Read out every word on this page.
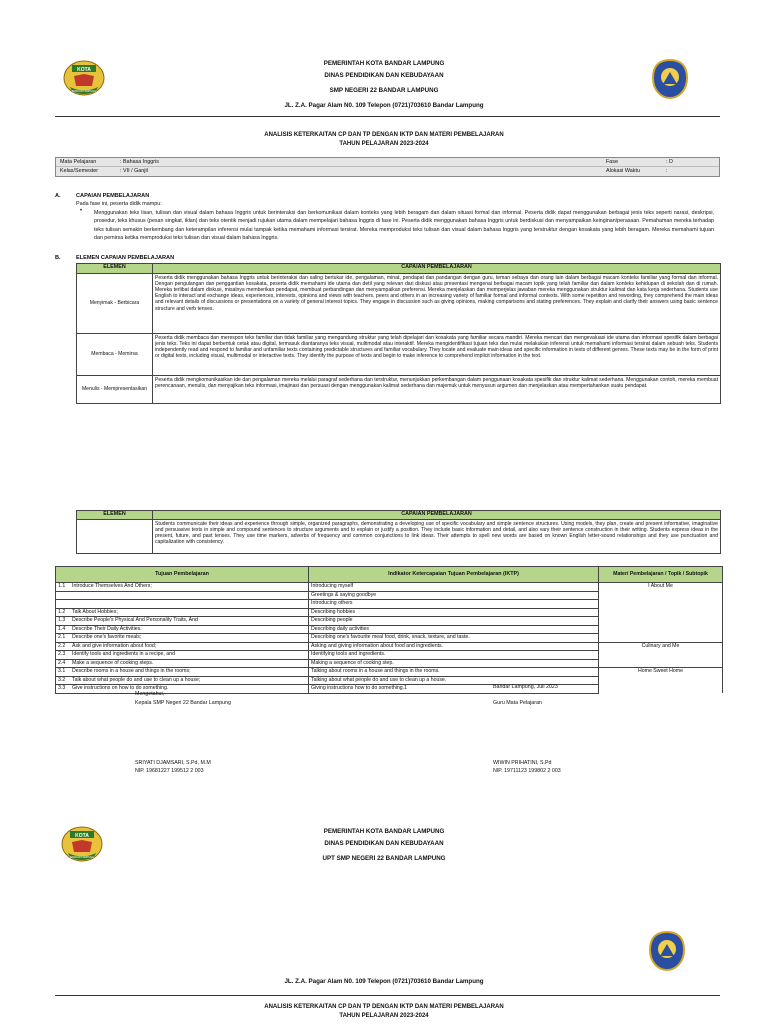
KOTA
BANDAR LAMPUNG
PEMERINTAH KOTA BANDAR LAMPUNG
DINAS PENDIDIKAN DAN KEBUDAYAAN
SMP NEGERI 22 BANDAR LAMPUNG
JL. Z.A. Pagar Alam N0. 109 Telepon (0721)703610 Bandar Lampung
ANALISIS KETERKAITAN CP DAN TP DENGAN IKTP DAN MATERI PEMBELAJARAN
TAHUN PELAJARAN 2023-2024
Mata Pelajaran	: Bahasa Inggris	Fase	: D
Kelas/Semester	: VII / Ganjil	Alokasi Waktu	:
A.	CAPAIAN PEMBELAJARAN
Pada fase ini, peserta didik mampu:
• Menggunakan teks lisan, tulisan dan visual dalam bahasa Inggris untuk berinteraksi dan berkomunikasi dalam konteks yang lebih beragam dan dalam situasi formal dan informal. Peserta didik dapat menggunakan berbagai jenis teks seperti narasi, deskripsi, prosedur, teks khusus (pesan singkat, iklan) dan teks otentik menjadi rujukan utama dalam mempelajari bahasa Inggris di fase ini. Peserta didik menggunakan bahasa Inggris untuk berdiskusi dan menyampaikan keinginan/perasaan. Pemahaman mereka terhadap teks tulisan semakin berkembang dan keterampilan inferensi mulai tampak ketika memahami informasi tersirat. Mereka memproduksi teks tulisan dan visual dalam bahasa Inggris yang terstruktur dengan kosakata yang lebih beragam. Mereka memahami tujuan dan pemirsa ketika memproduksi teks tulisan dan visual dalam bahasa Inggris.
B.	ELEMEN CAPAIAN PEMBELAJARAN
ELEMEN	CAPAIAN PEMBELAJARAN
Menyimak - Berbicara	Peserta didik menggunakan bahasa Inggris untuk berinteraksi dan saling bertukar ide, pengalaman, minat, pendapat dan pandangan dengan guru, teman sebaya dan orang lain dalam berbagai macam konteks familiar yang formal dan informal. Dengan pengulangan dan penggantian kosakata, peserta didik memahami ide utama dan detil yang relevan dari diskusi atau presentasi mengenai berbagai macam topik yang telah familiar dan dalam konteks kehidupan di sekolah dan di rumah. Mereka terlibat dalam diskusi, misalnya memberikan pendapat, membuat perbandingan dan menyampaikan preferensi. Mereka menjelaskan dan memperjelas jawaban mereka menggunakan struktur kalimat dan kata kerja sederhana. Students use English to interact and exchange ideas, experiences, interests, opinions and views with teachers, peers and others in an increasing variety of familiar formal and informal contexts. With some repetition and rewording, they comprehend the main ideas and relevant details of discussions or presentations on a variety of general interest topics. They engage in discussion such as giving opinions, making comparisons and stating preferences. They explain and clarify their answers using basic sentence structure and verb tenses.
Membaca - Memirsa	Peserta didik membaca dan merespon teks familiar dan tidak familiar yang mengandung struktur yang telah dipelajari dan kosakata yang familiar secara mandiri. Mereka mencari dan mengevaluasi ide utama dan informasi spesifik dalam berbagai jenis teks. Teks ini dapat berbentuk cetak atau digital, termasuk diantaranya teks visual, multimodal atau interaktif. Mereka mengidentifikasi tujuan teks dan mulai melakukan inferensi untuk memahami informasi tersirat dalam sebuah teks. Students independently read and respond to familiar and unfamiliar texts containing predictable structures and familiar vocabulary. They locate and evaluate main ideas and specific information in texts of different genres. These texts may be in the form of print or digital texts, including visual, multimodal or interactive texts. They identify the purpose of texts and begin to make inference to comprehend implicit information in the text.
Menulis - Mempresentasikan	Peserta didik mengkomunikasikan ide dan pengalaman mereka melalui paragraf sederhana dan terstruktur, menunjukkan perkembangan dalam penggunaan kosakata spesifik dan struktur kalimat sederhana. Menggunakan contoh, mereka membuat perencanaan, menulis, dan menyajikan teks informasi, imajinasi dan persuasi dengan menggunakan kalimat sederhana dan majemuk untuk menyusun argumen dan menjelaskan atau mempertahankan suatu pendapat.
ELEMEN	CAPAIAN PEMBELAJARAN
	Students communicate their ideas and experience through simple, organized paragraphs, demonstrating a developing use of specific vocabulary and simple sentence structures. Using models, they plan, create and present informative, imaginative and persuasive texts in simple and compound sentences to structure arguments and to explain or justify a position. They include basic information and detail, and also vary their sentence construction in their writing. Students express ideas in the present, future, and past tenses. They use time markers, adverbs of frequency and common conjunctions to link ideas. Their attempts to spell new words are based on known English letter-sound relationships and they use punctuation and capitalization with consistency.
Tujuan Pembelajaran	Indikator Ketercapaian Tujuan Pembelajaran (IKTP)	Materi Pembelajaran / Topik / Subtopik
1.1 Introduce Themselves And Others;	Introducing myself	I About Me
	Greetings & saying goodbye	
	Introducing others	
1.2 Talk About Hobbies;	Describing hobbies	
1.3 Describe People's Physical And Personality Traits, And	Describing people	
1.4 Describe Their Daily Activities.	Describing daily activities	
2.1 Describe one's favorite meals;	Describing one's favourite meal food, drink, snack, texture, and taste.	
2.2 Ask and give information about food;	Asking and giving information about food and ingredients.	Culinary and Me
2.3 Identify tools and ingredients in a recipe, and	Identifying tools and ingredients.	
2.4 Make a sequence of cooking steps.	Making a sequence of cooking step.	
3.1 Describe rooms in a house and things in the rooms;	Talking about rooms in a house and things in the rooms.	Home Sweet Home
3.2 Talk about what people do and use to clean up a house;	Talking about what people do and use to clean up a house.	
3.3 Give instructions on how to do something.	Giving instructions how to do something.1		Bandar Lampung, Juli 2023
Mengetahui,
Kepala SMP Negeri 22 Bandar Lampung	Guru Mata Pelajaran
SRIYATI DJAMSARI, S.Pd, M.M	WIWIN PRIHATINI, S.Pd
NIP. 19681227 199512 2 003	NIP. 19711123 199802 2 003
KOTA
BANDAR LAMPUNG
PEMERINTAH KOTA BANDAR LAMPUNG
DINAS PENDIDIKAN DAN KEBUDAYAAN
UPT SMP NEGERI 22 BANDAR LAMPUNG
JL. Z.A. Pagar Alam N0. 109 Telepon (0721)703610 Bandar Lampung
ANALISIS KETERKAITAN CP DAN TP DENGAN IKTP DAN MATERI PEMBELAJARAN
TAHUN PELAJARAN 2023-2024
